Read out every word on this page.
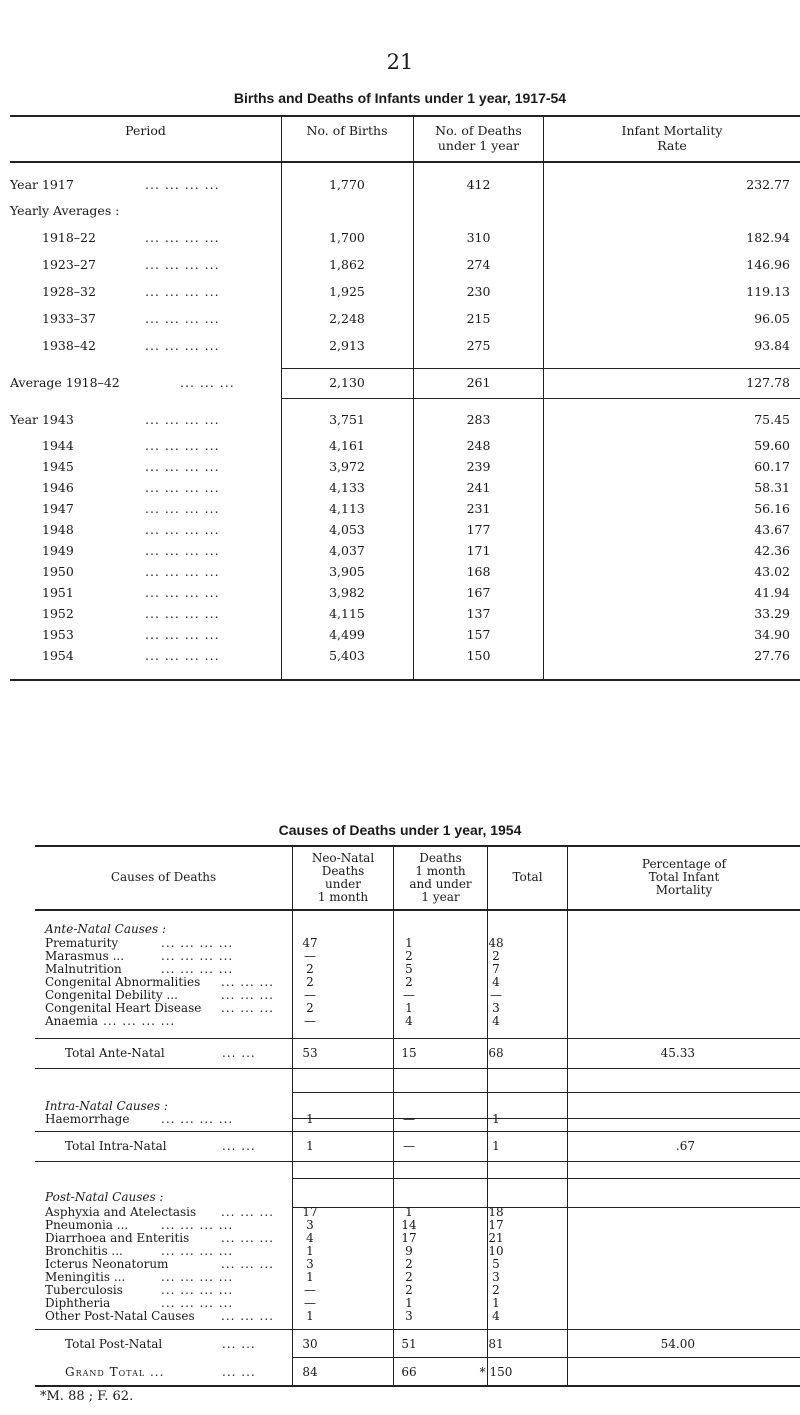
21
Births and Deaths of Infants under 1 year, 1917-54
Period	No. of Births	No. of Deaths
under 1 year
Infant Mortality
Rate
Year 1917	... ... ... ...	1,770	412	232.77
Yearly Averages :
1918–22	... ... ... ...	1,700	310	182.94
1923–27	... ... ... ...	1,862	274	146.96
1928–32	... ... ... ...	1,925	230	119.13
1933–37	... ... ... ...	2,248	215	96.05
1938–42	... ... ... ...	2,913	275	93.84
Average 1918–42	... ... ...	2,130	261	127.78
Year 1943	... ... ... ...	3,751	283	75.45
1944	... ... ... ...	4,161	248	59.60
1945	... ... ... ...	3,972	239	60.17
1946	... ... ... ...	4,133	241	58.31
1947	... ... ... ...	4,113	231	56.16
1948	... ... ... ...	4,053	177	43.67
1949	... ... ... ...	4,037	171	42.36
1950	... ... ... ...	3,905	168	43.02
1951	... ... ... ...	3,982	167	41.94
1952	... ... ... ...	4,115	137	33.29
1953	... ... ... ...	4,499	157	34.90
1954	... ... ... ...	5,403	150	27.76
Causes of Deaths under 1 year, 1954
Causes of Deaths
Neo-Natal
Deaths
under
1 month
Deaths
1 month
and under
1 year
Total
Percentage of
Total Infant
Mortality
Ante-Natal Causes :
Prematurity	... ... ... ...	47	1	48
Marasmus ...	... ... ... ...	—	2	2
Malnutrition	... ... ... ...	2	5	7
Congenital Abnormalities ... ... ...	2	2	4
Congenital Debility ...	... ... ...	—	—	—
Congenital Heart Disease ... ... ...	2	1	3
Anaemia ... ... ... ...	—	4	4
Total Ante-Natal	... ...	53	15	68	45.33
Intra-Natal Causes :
Haemorrhage	... ... ... ...	1	—	1
Total Intra-Natal	... ...	1	—	1	.67
Post-Natal Causes :
Asphyxia and Atelectasis ... ... ...	17	1	18
Pneumonia ...	... ... ... ...	3	14	17
Diarrhoea and Enteritis	... ... ...	4	17	21
Bronchitis ...	... ... ... ...	1	9	10
Icterus Neonatorum	... ... ...	3	2	5
Meningitis ...	... ... ... ...	1	2	3
Tuberculosis	... ... ... ...	—	2	2
Diphtheria	... ... ... ...	—	1	1
Other Post-Natal Causes ... ... ...	1	3	4
Total Post-Natal	... ...	30	51	81	54.00
Grand Total ...	... ...	84	66	* 150
*M. 88 ; F. 62.
